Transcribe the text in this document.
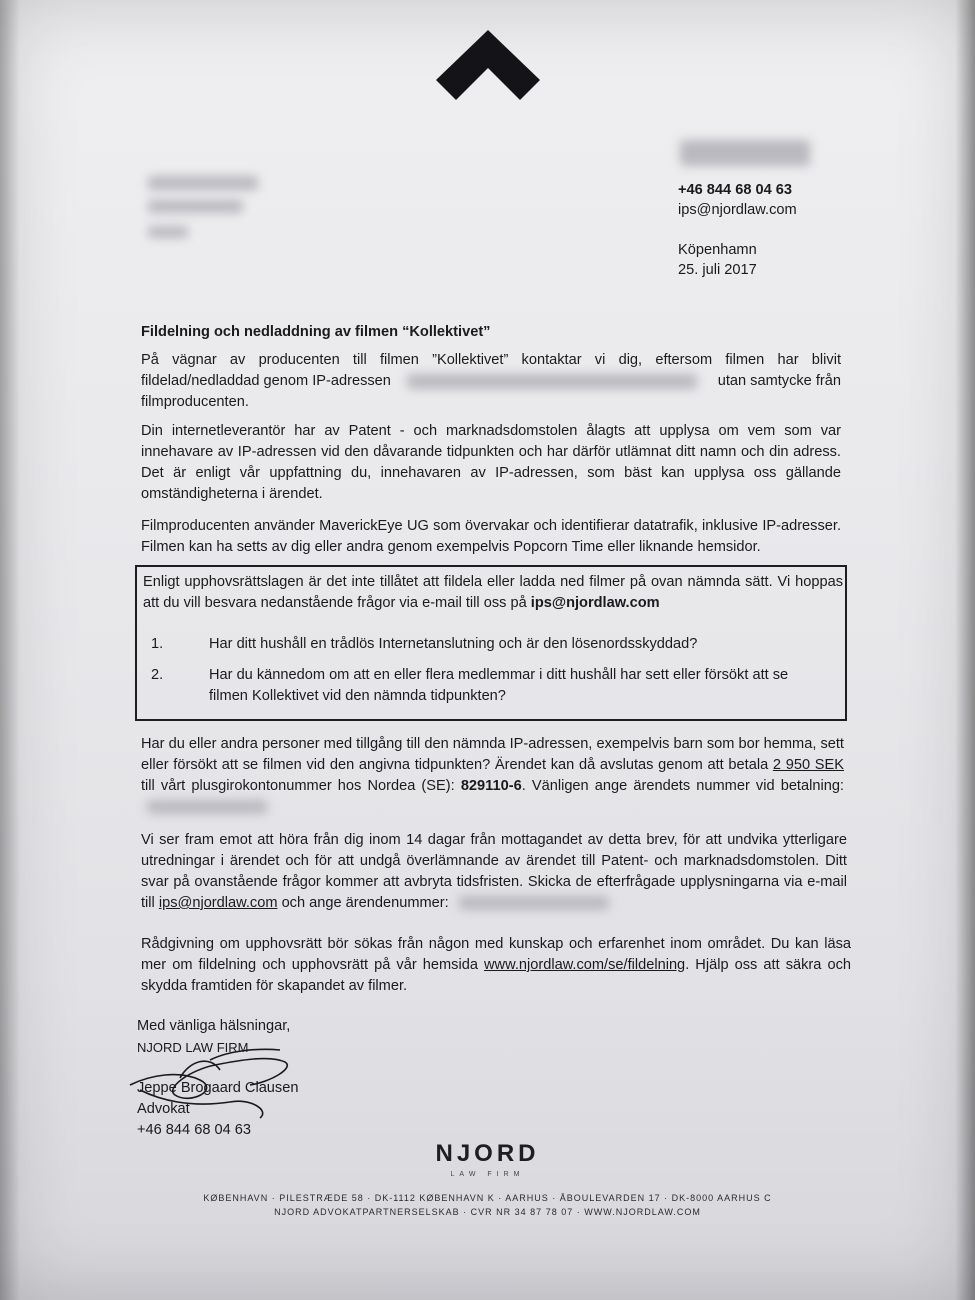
+46 844 68 04 63
ips@njordlaw.com
Köpenhamn
25. juli 2017
Fildelning och nedladdning av filmen “Kollektivet”
På vägnar av producenten till filmen ”Kollektivet” kontaktar vi dig, eftersom filmen har blivit
fildelad/nedladdad genom IP-adressen	utan samtycke från
filmproducenten.

Din internetleverantör har av Patent - och marknadsdomstolen ålagts att upplysa om vem som var innehavare av IP-adressen vid den dåvarande tidpunkten och har därför utlämnat ditt namn och din adress. Det är enligt vår uppfattning du, innehavaren av IP-adressen, som bäst kan upplysa oss gällande omständigheterna i ärendet.

Filmproducenten använder MaverickEye UG som övervakar och identifierar datatrafik, inklusive IP-adresser. Filmen kan ha setts av dig eller andra genom exempelvis Popcorn Time eller liknande hemsidor.

Enligt upphovsrättslagen är det inte tillåtet att fildela eller ladda ned filmer på ovan nämnda sätt. Vi hoppas att du vill besvara nedanstående frågor via e-mail till oss på ips@njordlaw.com
1.	Har ditt hushåll en trådlös Internetanslutning och är den lösenordsskyddad?
2.	Har du kännedom om att en eller flera medlemmar i ditt hushåll har sett eller försökt att se filmen Kollektivet vid den nämnda tidpunkten?

Har du eller andra personer med tillgång till den nämnda IP-adressen, exempelvis barn som bor hemma, sett eller försökt att se filmen vid den angivna tidpunkten? Ärendet kan då avslutas genom att betala 2 950 SEK till vårt plusgirokontonummer hos Nordea (SE): 829110-6. Vänligen ange ärendets nummer vid betalning:

Vi ser fram emot att höra från dig inom 14 dagar från mottagandet av detta brev, för att undvika ytterligare utredningar i ärendet och för att undgå överlämnande av ärendet till Patent- och marknadsdomstolen. Ditt svar på ovanstående frågor kommer att avbryta tidsfristen. Skicka de efterfrågade upplysningarna via e-mail till ips@njordlaw.com och ange ärendenummer:

Rådgivning om upphovsrätt bör sökas från någon med kunskap och erfarenhet inom området. Du kan läsa mer om fildelning och upphovsrätt på vår hemsida www.njordlaw.com/se/fildelning. Hjälp oss att säkra och skydda framtiden för skapandet av filmer.

Med vänliga hälsningar,
NJORD LAW FIRM
Jeppe Brogaard Clausen
Advokat
+46 844 68 04 63
NJORD
LAW FIRM
KØBENHAVN · PILESTRÆDE 58 · DK-1112 KØBENHAVN K · AARHUS · ÅBOULEVARDEN 17 · DK-8000 AARHUS C
NJORD ADVOKATPARTNERSELSKAB · CVR NR 34 87 78 07 · WWW.NJORDLAW.COM
